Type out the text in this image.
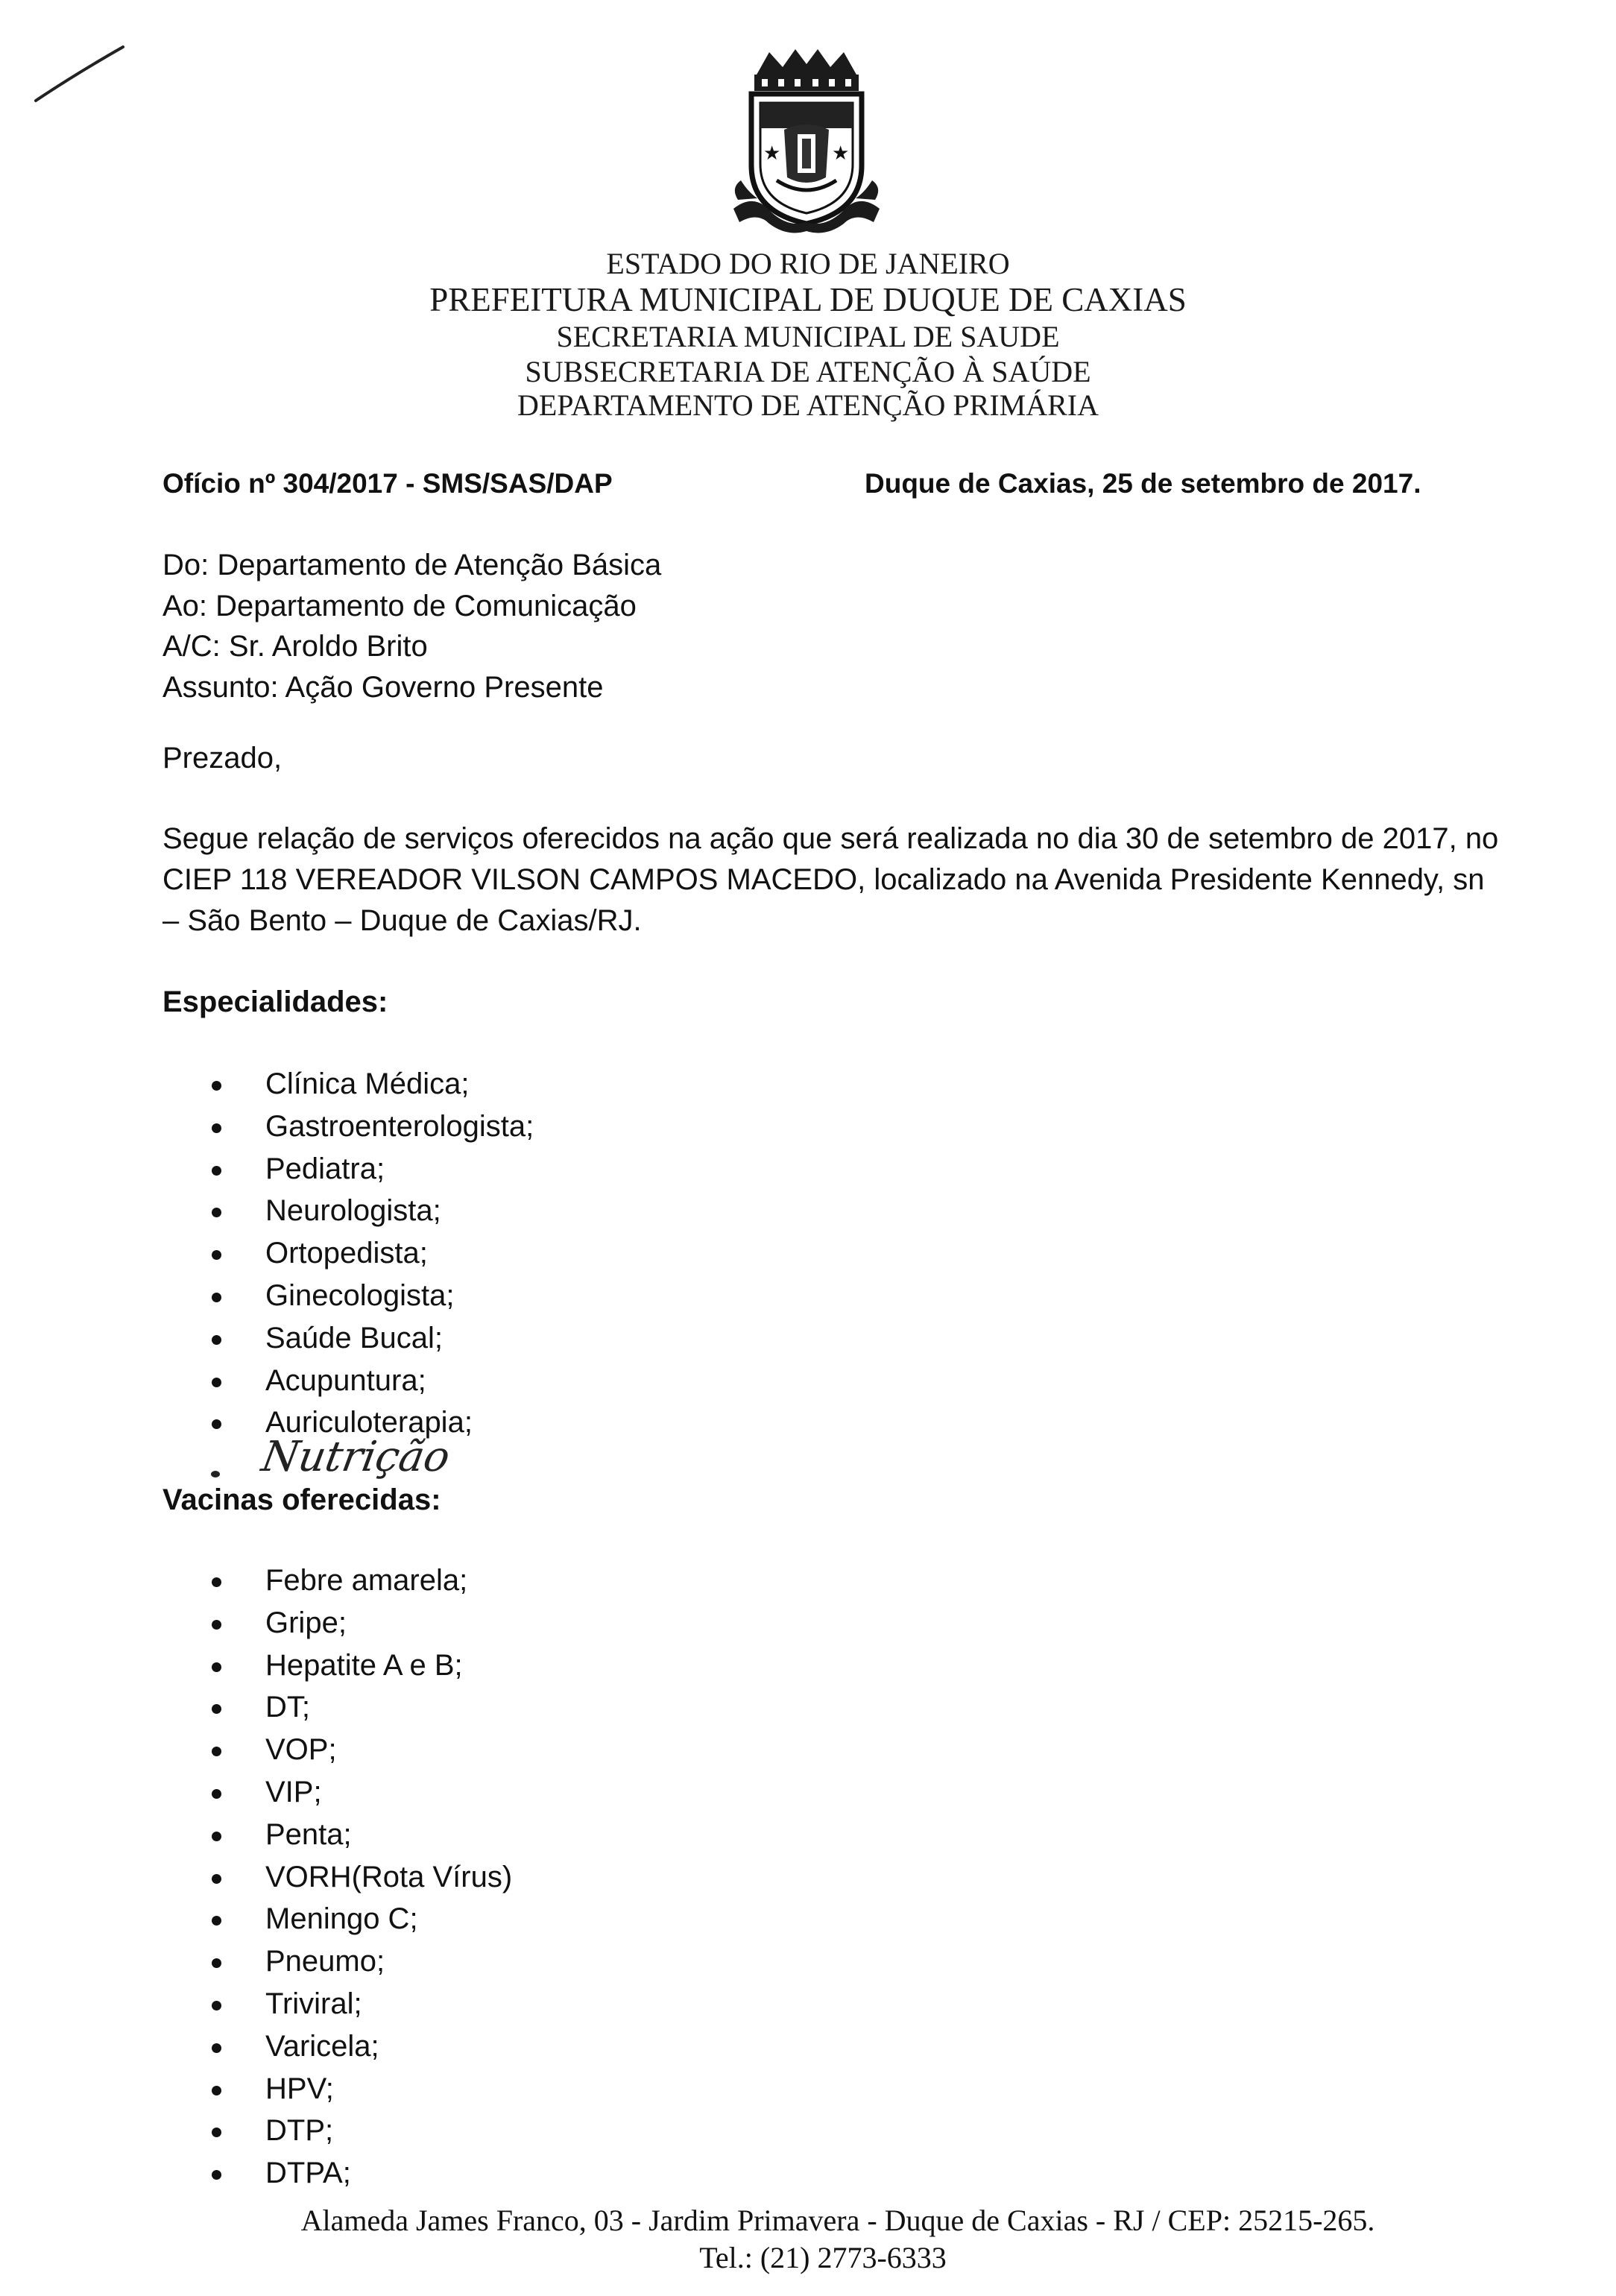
★	★
ESTADO DO RIO DE JANEIRO
PREFEITURA MUNICIPAL DE DUQUE DE CAXIAS
SECRETARIA MUNICIPAL DE SAUDE
SUBSECRETARIA DE ATENÇÃO À SAÚDE
DEPARTAMENTO DE ATENÇÃO PRIMÁRIA
Ofício nº 304/2017 - SMS/SAS/DAP	Duque de Caxias, 25 de setembro de 2017.
Do: Departamento de Atenção Básica
Ao: Departamento de Comunicação
A/C: Sr. Aroldo Brito
Assunto: Ação Governo Presente
Prezado,
Segue relação de serviços oferecidos na ação que será realizada no dia 30 de setembro de 2017, no CIEP 118 VEREADOR VILSON CAMPOS MACEDO, localizado na Avenida Presidente Kennedy, sn – São Bento – Duque de Caxias/RJ.
Especialidades:
Clínica Médica;
Gastroenterologista;
Pediatra;
Neurologista;
Ortopedista;
Ginecologista;
Saúde Bucal;
Acupuntura;
Auriculoterapia;
Nutrição
Vacinas oferecidas:
Febre amarela;
Gripe;
Hepatite A e B;
DT;
VOP;
VIP;
Penta;
VORH(Rota Vírus)
Meningo C;
Pneumo;
Triviral;
Varicela;
HPV;
DTP;
DTPA;
Alameda James Franco, 03 - Jardim Primavera - Duque de Caxias - RJ / CEP: 25215-265.
Tel.: (21) 2773-6333
